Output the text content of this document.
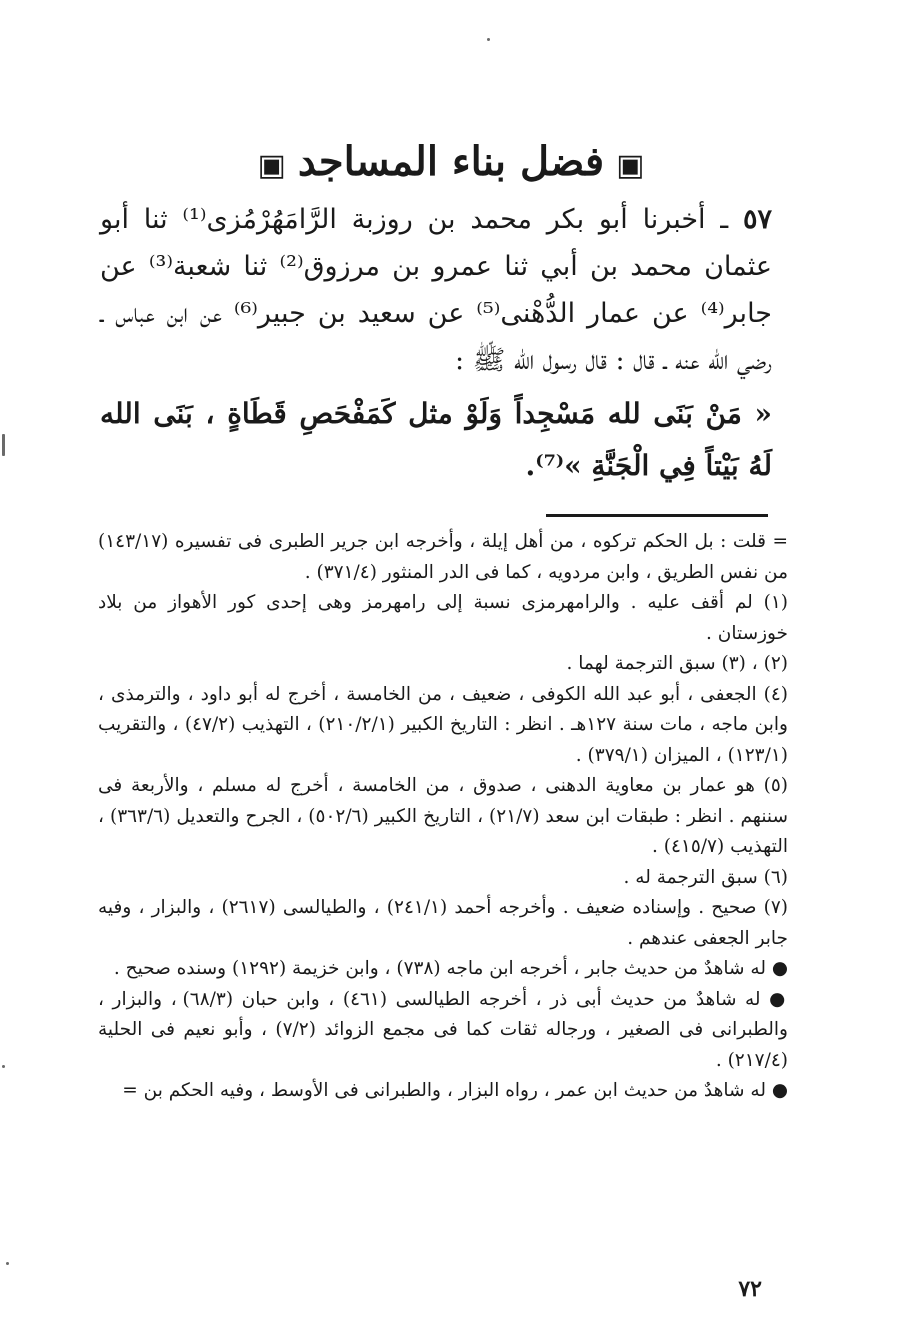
▣فضل بناء المساجد▣

٥٧ ـ أخبرنا أبو بكر محمد بن روزبة الرَّامَهُرْمُزى⁽¹⁾ ثنا أبو عثمان محمد بن أبي ثنا عمرو بن مرزوق⁽²⁾ ثنا شعبة⁽³⁾ عن جابر⁽⁴⁾ عن عمار الدُّهْنى⁽⁵⁾ عن سعيد بن جبير⁽⁶⁾ عن ابن عباس ـ رضي الله عنه ـ قال : قال رسول الله ﷺ :

« مَنْ بَنَى لله مَسْجِداً وَلَوْ مثل كَمَفْحَصِ قَطَاةٍ ، بَنَى الله لَهُ بَيْتاً فِي الْجَنَّةِ »⁽⁷⁾.

= قلت : بل الحكم تركوه ، من أهل إيلة ، وأخرجه ابن جرير الطبرى فى تفسيره (١٤٣/١٧) من نفس الطريق ، وابن مردويه ، كما فى الدر المنثور (٣٧١/٤) .

(١) لم أقف عليه . والرامهرمزى نسبة إلى رامهرمز وهى إحدى كور الأهواز من بلاد خوزستان .

(٢) ، (٣) سبق الترجمة لهما .

(٤) الجعفى ، أبو عبد الله الكوفى ، ضعيف ، من الخامسة ، أخرج له أبو داود ، والترمذى ، وابن ماجه ، مات سنة ١٢٧هـ . انظر : التاريخ الكبير (٢١٠/٢/١) ، التهذيب (٤٧/٢) ، والتقريب (١٢٣/١) ، الميزان (٣٧٩/١) .

(٥) هو عمار بن معاوية الدهنى ، صدوق ، من الخامسة ، أخرج له مسلم ، والأربعة فى سننهم . انظر : طبقات ابن سعد (٢١/٧) ، التاريخ الكبير (٥٠٢/٦) ، الجرح والتعديل (٣٦٣/٦) ، التهذيب (٤١٥/٧) .

(٦) سبق الترجمة له .

(٧) صحيح . وإسناده ضعيف . وأخرجه أحمد (٢٤١/١) ، والطيالسى (٢٦١٧) ، والبزار ، وفيه جابر الجعفى عندهم .

● له شاهدٌ من حديث جابر ، أخرجه ابن ماجه (٧٣٨) ، وابن خزيمة (١٢٩٢) وسنده صحيح .

● له شاهدٌ من حديث أبى ذر ، أخرجه الطيالسى (٤٦١) ، وابن حبان (٦٨/٣) ، والبزار ، والطبرانى فى الصغير ، ورجاله ثقات كما فى مجمع الزوائد (٧/٢) ، وأبو نعيم فى الحلية (٢١٧/٤) .

● له شاهدٌ من حديث ابن عمر ، رواه البزار ، والطبرانى فى الأوسط ، وفيه الحكم بن =

٧٢
